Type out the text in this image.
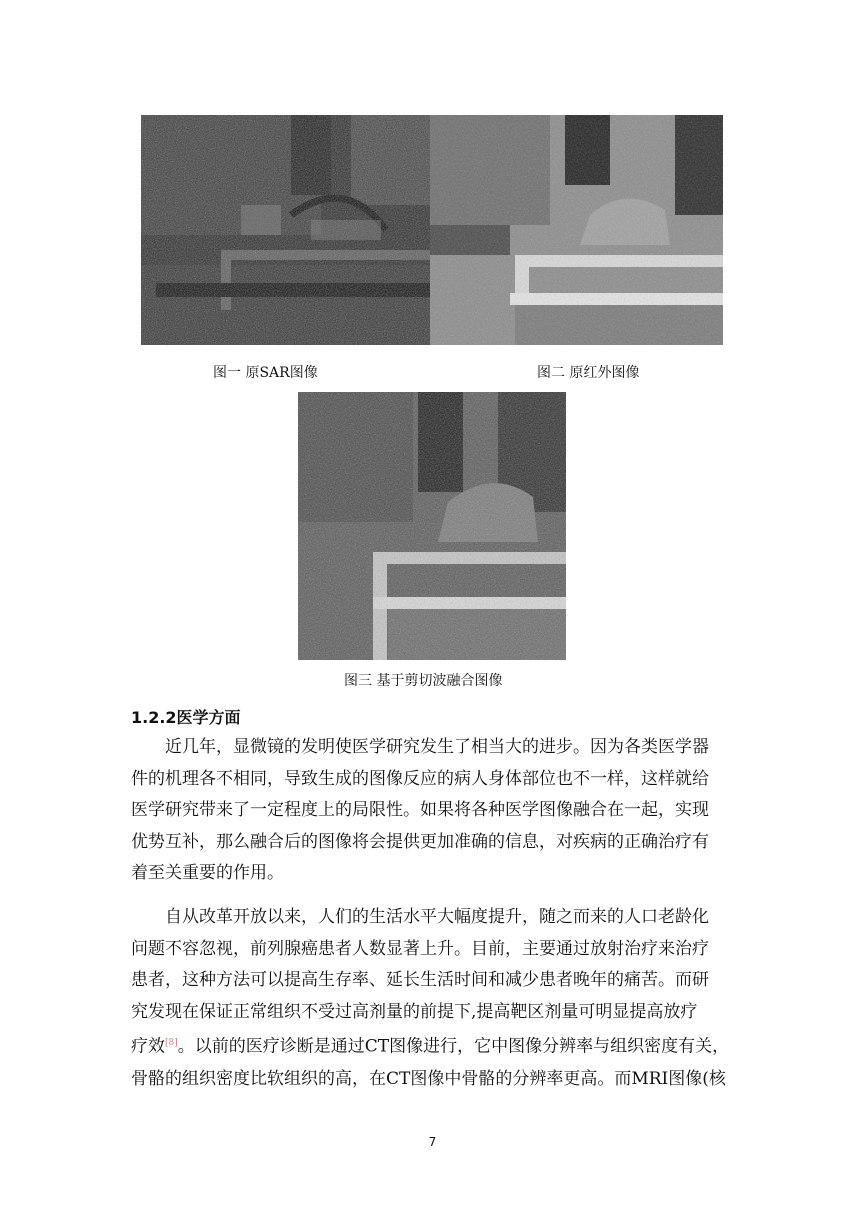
图一 原SAR图像	图二 原红外图像
图三 基于剪切波融合图像
1.2.2医学方面
近几年，显微镜的发明使医学研究发生了相当大的进步。因为各类医学器
件的机理各不相同，导致生成的图像反应的病人身体部位也不一样，这样就给
医学研究带来了一定程度上的局限性。如果将各种医学图像融合在一起，实现
优势互补，那么融合后的图像将会提供更加准确的信息，对疾病的正确治疗有
着至关重要的作用。
自从改革开放以来，人们的生活水平大幅度提升，随之而来的人口老龄化
问题不容忽视，前列腺癌患者人数显著上升。目前，主要通过放射治疗来治疗
患者，这种方法可以提高生存率、延长生活时间和减少患者晚年的痛苦。而研
究发现在保证正常组织不受过高剂量的前提下,提高靶区剂量可明显提高放疗
疗效[8]。以前的医疗诊断是通过CT图像进行，它中图像分辨率与组织密度有关，
骨骼的组织密度比软组织的高，在CT图像中骨骼的分辨率更高。而MRI图像(核
7
